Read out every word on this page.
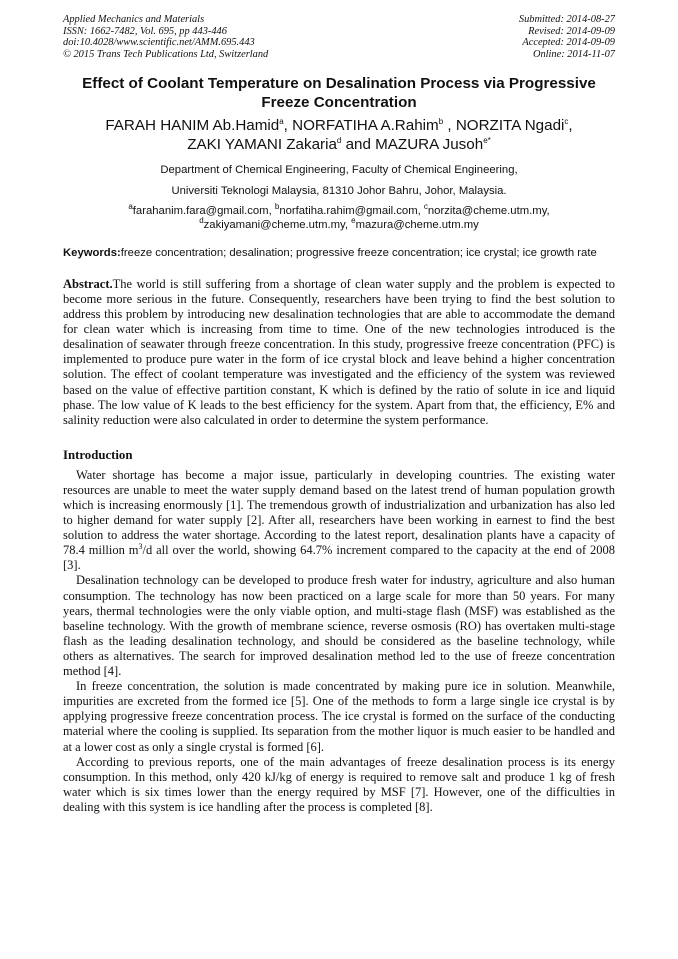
Applied Mechanics and Materials
ISSN: 1662-7482, Vol. 695, pp 443-446
doi:10.4028/www.scientific.net/AMM.695.443
© 2015 Trans Tech Publications Ltd, Switzerland
Submitted: 2014-08-27
Revised: 2014-09-09
Accepted: 2014-09-09
Online: 2014-11-07
Effect of Coolant Temperature on Desalination Process via Progressive Freeze Concentration
FARAH HANIM Ab.Hamid$^a$, NORFATIHA A.Rahim$^b$ , NORZITA Ngadi$^c$,
ZAKI YAMANI Zakaria$^d$ and MAZURA Jusoh$^{e*}$
Department of Chemical Engineering, Faculty of Chemical Engineering,
Universiti Teknologi Malaysia, 81310 Johor Bahru, Johor, Malaysia.
$^a$farahanim.fara@gmail.com, $^b$norfatiha.rahim@gmail.com, $^c$norzita@cheme.utm.my,
$^d$zakiyamani@cheme.utm.my, $^e$mazura@cheme.utm.my
Keywords:freeze concentration; desalination; progressive freeze concentration; ice crystal; ice growth rate
Abstract.The world is still suffering from a shortage of clean water supply and the problem is expected to become more serious in the future. Consequently, researchers have been trying to find the best solution to address this problem by introducing new desalination technologies that are able to accommodate the demand for clean water which is increasing from time to time. One of the new technologies introduced is the desalination of seawater through freeze concentration. In this study, progressive freeze concentration (PFC) is implemented to produce pure water in the form of ice crystal block and leave behind a higher concentration solution. The effect of coolant temperature was investigated and the efficiency of the system was reviewed based on the value of effective partition constant, K which is defined by the ratio of solute in ice and liquid phase. The low value of K leads to the best efficiency for the system. Apart from that, the efficiency, E% and salinity reduction were also calculated in order to determine the system performance.
Introduction

Water shortage has become a major issue, particularly in developing countries. The existing water resources are unable to meet the water supply demand based on the latest trend of human population growth which is increasing enormously [1]. The tremendous growth of industrialization and urbanization has also led to higher demand for water supply [2]. After all, researchers have been working in earnest to find the best solution to address the water shortage. According to the latest report, desalination plants have a capacity of 78.4 million $m^3/d$ all over the world, showing 64.7% increment compared to the capacity at the end of 2008 [3].

Desalination technology can be developed to produce fresh water for industry, agriculture and also human consumption. The technology has now been practiced on a large scale for more than 50 years. For many years, thermal technologies were the only viable option, and multi-stage flash (MSF) was established as the baseline technology. With the growth of membrane science, reverse osmosis (RO) has overtaken multi-stage flash as the leading desalination technology, and should be considered as the baseline technology, while others as alternatives. The search for improved desalination method led to the use of freeze concentration method [4].

In freeze concentration, the solution is made concentrated by making pure ice in solution. Meanwhile, impurities are excreted from the formed ice [5]. One of the methods to form a large single ice crystal is by applying progressive freeze concentration process. The ice crystal is formed on the surface of the conducting material where the cooling is supplied. Its separation from the mother liquor is much easier to be handled and at a lower cost as only a single crystal is formed [6].

According to previous reports, one of the main advantages of freeze desalination process is its energy consumption. In this method, only 420 kJ/kg of energy is required to remove salt and produce 1 kg of fresh water which is six times lower than the energy required by MSF [7]. However, one of the difficulties in dealing with this system is ice handling after the process is completed [8].
